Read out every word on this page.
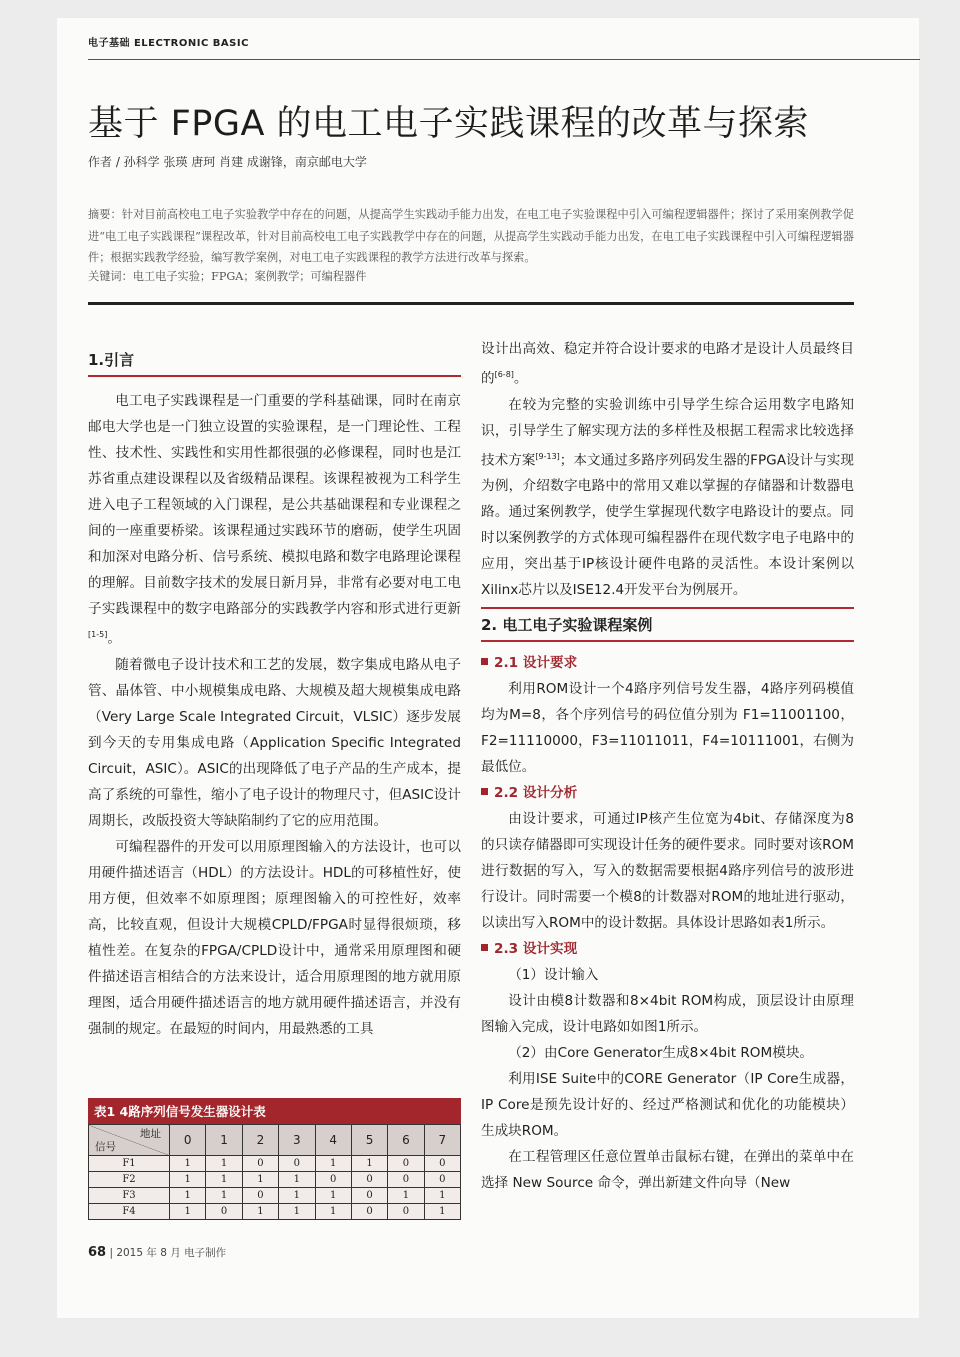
电子基础 ELECTRONIC BASIC
基于 FPGA 的电工电子实践课程的改革与探索
作者 / 孙科学 张瑛 唐珂 肖建 成谢锋，南京邮电大学
摘要：针对目前高校电工电子实验教学中存在的问题，从提高学生实践动手能力出发，在电工电子实验课程中引入可编程逻辑器件；探讨了采用案例教学促进“电工电子实践课程”课程改革，针对目前高校电工电子实践教学中存在的问题，从提高学生实践动手能力出发，在电工电子实践课程中引入可编程逻辑器件；根据实践教学经验，编写教学案例，对电工电子实践课程的教学方法进行改革与探索。
关键词：电工电子实验；FPGA；案例教学；可编程器件
1.引言

电工电子实践课程是一门重要的学科基础课，同时在南京邮电大学也是一门独立设置的实验课程，是一门理论性、工程性、技术性、实践性和实用性都很强的必修课程，同时也是江苏省重点建设课程以及省级精品课程。该课程被视为工科学生进入电子工程领域的入门课程，是公共基础课程和专业课程之间的一座重要桥梁。该课程通过实践环节的磨砺，使学生巩固和加深对电路分析、信号系统、模拟电路和数字电路理论课程的理解。目前数字技术的发展日新月异，非常有必要对电工电子实践课程中的数字电路部分的实践教学内容和形式进行更新[1-5]。

随着微电子设计技术和工艺的发展，数字集成电路从电子管、晶体管、中小规模集成电路、大规模及超大规模集成电路（Very Large Scale Integrated Circuit，VLSIC）逐步发展到今天的专用集成电路（Application Specific Integrated Circuit，ASIC）。ASIC的出现降低了电子产品的生产成本，提高了系统的可靠性，缩小了电子设计的物理尺寸，但ASIC设计周期长，改版投资大等缺陷制约了它的应用范围。

可编程器件的开发可以用原理图输入的方法设计，也可以用硬件描述语言（HDL）的方法设计。HDL的可移植性好，使用方便，但效率不如原理图；原理图输入的可控性好，效率高，比较直观，但设计大规模CPLD/FPGA时显得很烦琐，移植性差。在复杂的FPGA/CPLD设计中，通常采用原理图和硬件描述语言相结合的方法来设计，适合用原理图的地方就用原理图，适合用硬件描述语言的地方就用硬件描述语言，并没有强制的规定。在最短的时间内，用最熟悉的工具

表1 4路序列信号发生器设计表
地址
信号	0	1	2	3	4	5	6	7
F1	1	1	0	0	1	1	0	0
F2	1	1	1	1	0	0	0	0
F3	1	1	0	1	1	0	1	1
F4	1	0	1	1	1	0	0	1

设计出高效、稳定并符合设计要求的电路才是设计人员最终目的[6-8]。

在较为完整的实验训练中引导学生综合运用数字电路知识，引导学生了解实现方法的多样性及根据工程需求比较选择技术方案[9-13]；本文通过多路序列码发生器的FPGA设计与实现为例，介绍数字电路中的常用又难以掌握的存储器和计数器电路。通过案例教学，使学生掌握现代数字电路设计的要点。同时以案例教学的方式体现可编程器件在现代数字电子电路中的应用，突出基于IP核设计硬件电路的灵活性。本设计案例以Xilinx芯片以及ISE12.4开发平台为例展开。

2. 电工电子实验课程案例

2.1 设计要求

利用ROM设计一个4路序列信号发生器，4路序列码模值均为M=8，各个序列信号的码位值分别为 F1=11001100，F2=11110000，F3=11011011，F4=10111001，右侧为最低位。

2.2 设计分析

由设计要求，可通过IP核产生位宽为4bit、存储深度为8的只读存储器即可实现设计任务的硬件要求。同时要对该ROM进行数据的写入，写入的数据需要根据4路序列信号的波形进行设计。同时需要一个模8的计数器对ROM的地址进行驱动，以读出写入ROM中的设计数据。具体设计思路如表1所示。

2.3 设计实现

（1）设计输入

设计由模8计数器和8×4bit ROM构成，顶层设计由原理图输入完成，设计电路如如图1所示。

（2）由Core Generator生成8×4bit ROM模块。

利用ISE Suite中的CORE Generator（IP Core生成器，IP Core是预先设计好的、经过严格测试和优化的功能模块）生成块ROM。

在工程管理区任意位置单击鼠标右键，在弹出的菜单中在选择 New Source 命令，弹出新建文件向导（New

68 | 2015 年 8 月 电子制作
